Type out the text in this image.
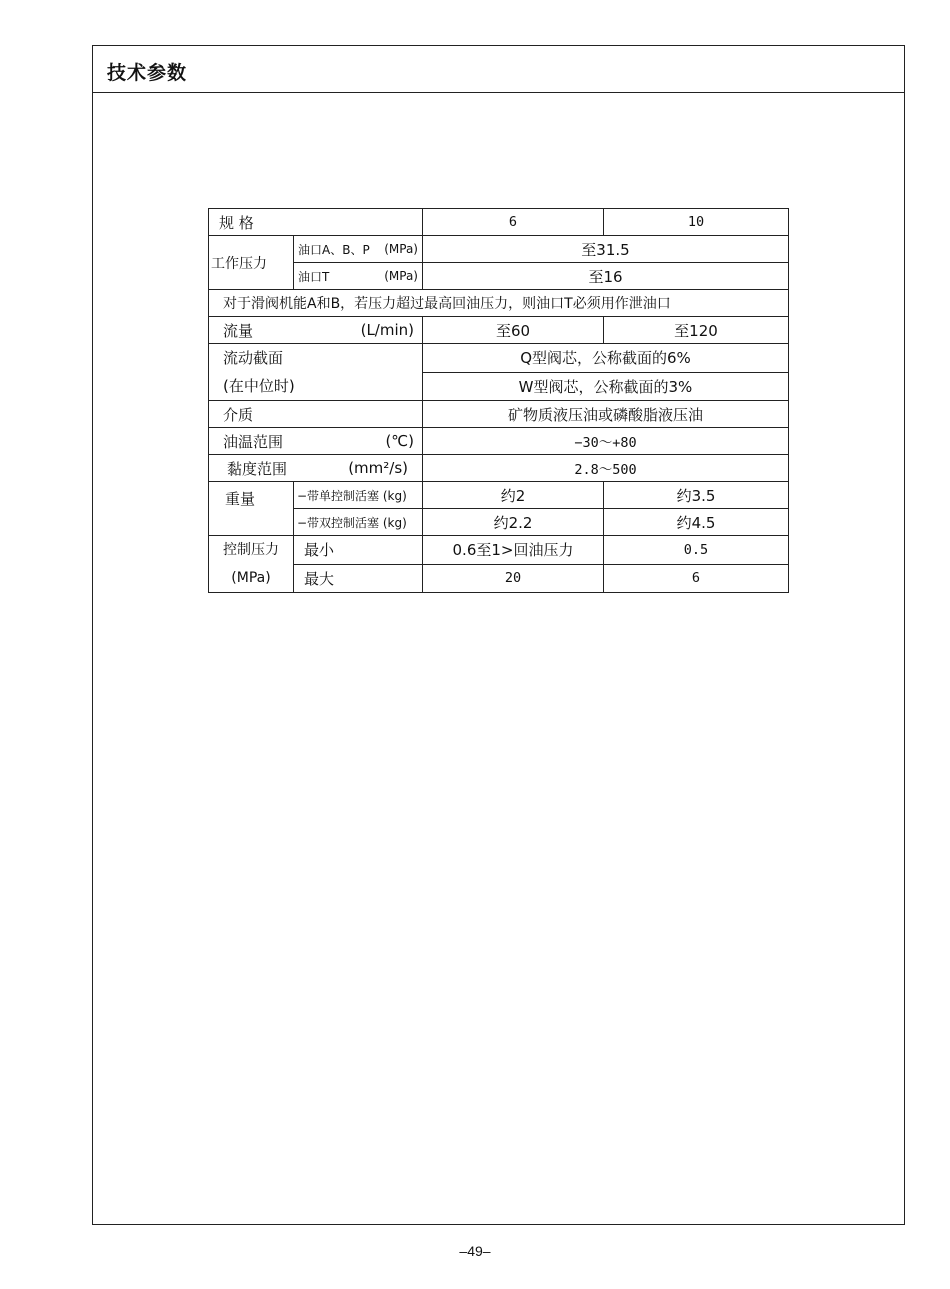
技术参数
规 格		6	10
工作压力	油口A、B、P (MPa)	至31.5	

	油口T (MPa)	至16	
对于滑阀机能A和B，若压力超过最高回油压力，则油口T必须用作泄油口			

流量 (L/min)		至60	至120

流动截面
(在中位时)		Q型阀芯，公称截面的6%	
		W型阀芯，公称截面的3%	
介质		矿物质液压油或磷酸脂液压油	

油温范围 (℃)		−30～+80	

黏度范围 (mm²/s)		2.8～500	
重量	−带单控制活塞 (kg)	约2	约3.5
	−带双控制活塞 (kg)	约2.2	约4.5

控制压力
(MPa)	最小	0.6至1>回油压力	0.5
	最大	20	6
–49–
